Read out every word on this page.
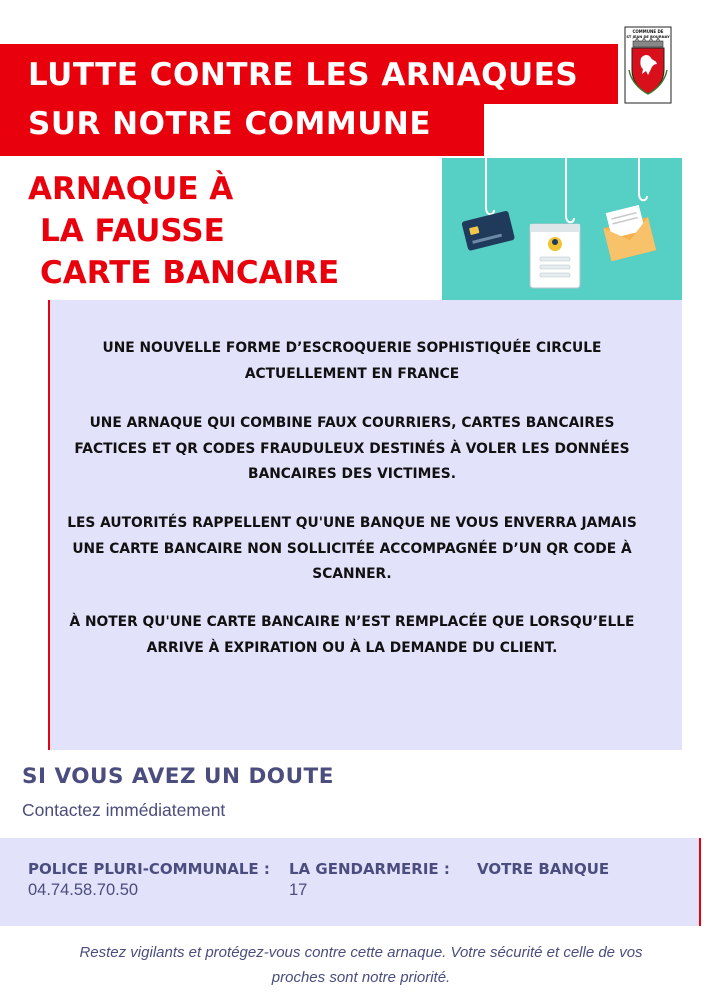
LUTTE CONTRE LES ARNAQUES
SUR NOTRE COMMUNE
COMMUNE DE
ST JEAN DE BOURNAY
ARNAQUE À
LA FAUSSE
CARTE BANCAIRE
UNE NOUVELLE FORME D’ESCROQUERIE SOPHISTIQUÉE CIRCULE ACTUELLEMENT EN FRANCE
UNE ARNAQUE QUI COMBINE FAUX COURRIERS, CARTES BANCAIRES FACTICES ET QR CODES FRAUDULEUX DESTINÉS À VOLER LES DONNÉES BANCAIRES DES VICTIMES.
LES AUTORITÉS RAPPELLENT QU'UNE BANQUE NE VOUS ENVERRA JAMAIS UNE CARTE BANCAIRE NON SOLLICITÉE ACCOMPAGNÉE D’UN QR CODE À SCANNER.
À NOTER QU'UNE CARTE BANCAIRE N’EST REMPLACÉE QUE LORSQU’ELLE ARRIVE À EXPIRATION OU À LA DEMANDE DU CLIENT.
SI VOUS AVEZ UN DOUTE
Contactez immédiatement
POLICE PLURI-COMMUNALE :
04.74.58.70.50
LA GENDARMERIE :
17
VOTRE BANQUE
Restez vigilants et protégez-vous contre cette arnaque. Votre sécurité et celle de vos
proches sont notre priorité.
